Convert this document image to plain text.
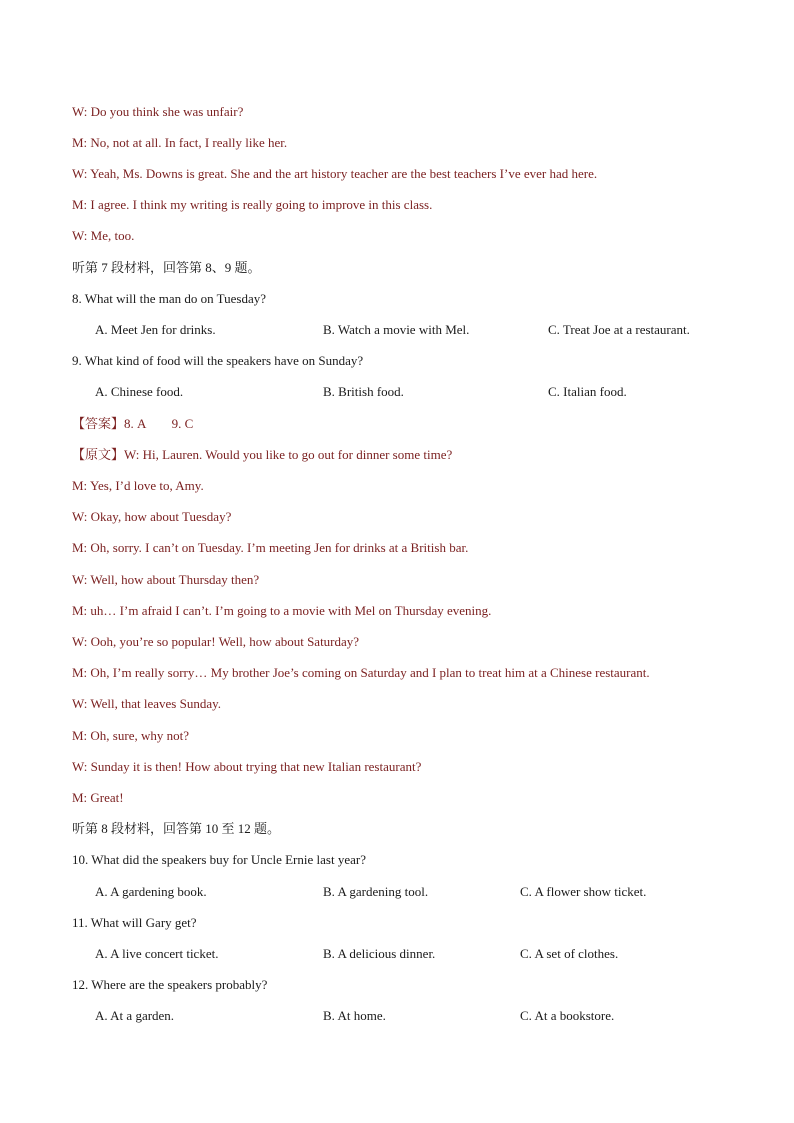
W: Do you think she was unfair?
M: No, not at all. In fact, I really like her.
W: Yeah, Ms. Downs is great. She and the art history teacher are the best teachers I’ve ever had here.
M: I agree. I think my writing is really going to improve in this class.
W: Me, too.
听第 7 段材料，回答第 8、9 题。
8. What will the man do on Tuesday?
A. Meet Jen for drinks.	B. Watch a movie with Mel.	C. Treat Joe at a restaurant.
9. What kind of food will the speakers have on Sunday?
A. Chinese food.	B. British food.	C. Italian food.
【答案】8. A        9. C
【原文】W: Hi, Lauren. Would you like to go out for dinner some time?
M: Yes, I’d love to, Amy.
W: Okay, how about Tuesday?
M: Oh, sorry. I can’t on Tuesday. I’m meeting Jen for drinks at a British bar.
W: Well, how about Thursday then?
M: uh… I’m afraid I can’t. I’m going to a movie with Mel on Thursday evening.
W: Ooh, you’re so popular! Well, how about Saturday?
M: Oh, I’m really sorry… My brother Joe’s coming on Saturday and I plan to treat him at a Chinese restaurant.
W: Well, that leaves Sunday.
M: Oh, sure, why not?
W: Sunday it is then! How about trying that new Italian restaurant?
M: Great!
听第 8 段材料，回答第 10 至 12 题。
10. What did the speakers buy for Uncle Ernie last year?
A. A gardening book.	B. A gardening tool.	C. A flower show ticket.
11. What will Gary get?
A. A live concert ticket.	B. A delicious dinner.	C. A set of clothes.
12. Where are the speakers probably?
A. At a garden.	B. At home.	C. At a bookstore.
